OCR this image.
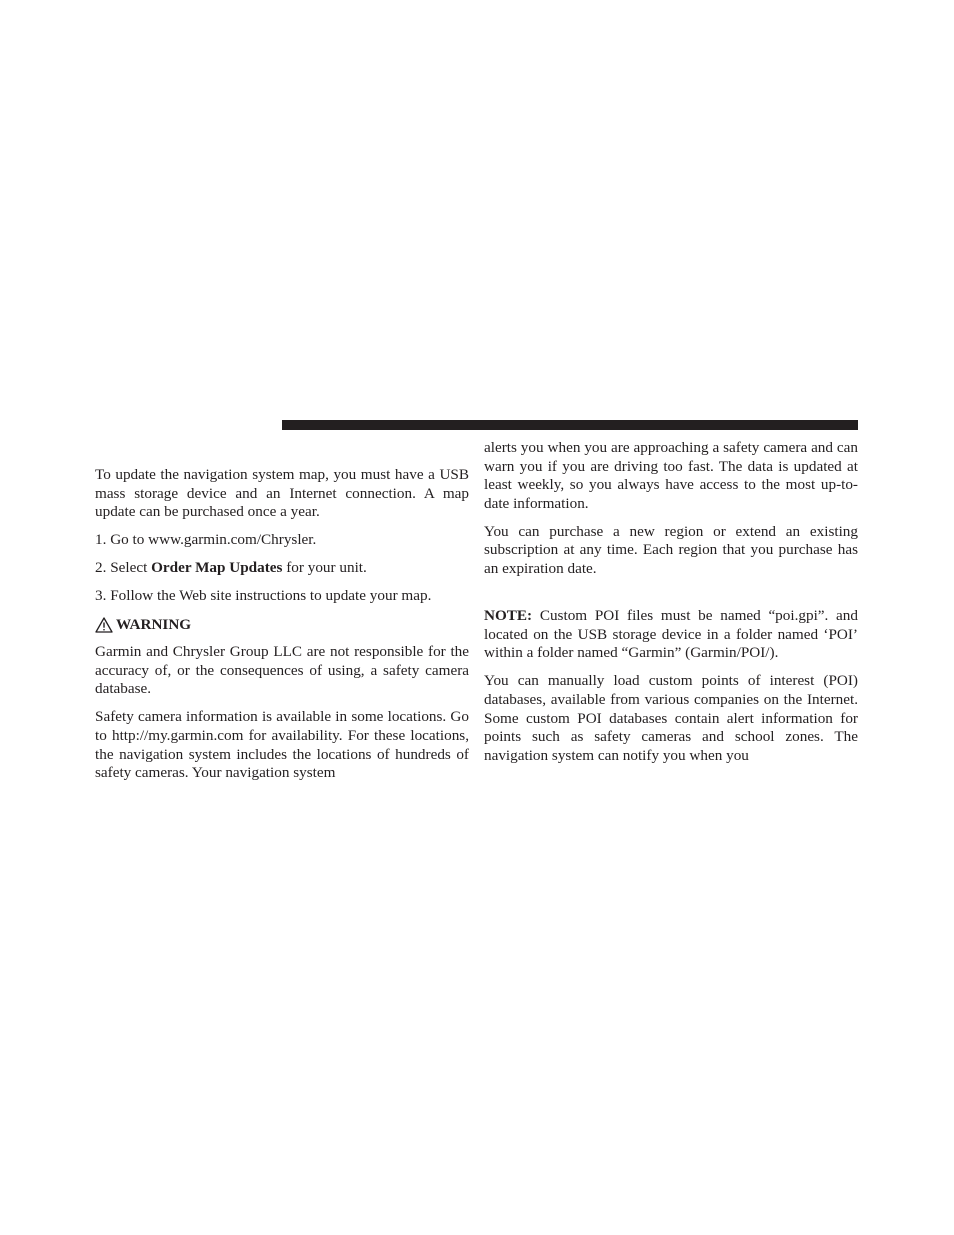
To update the navigation system map, you must have a USB mass storage device and an Internet connection. A map update can be purchased once a year.

1. Go to www.garmin.com/Chrysler.

2. Select Order Map Updates for your unit.

3. Follow the Web site instructions to update your map.

WARNING

Garmin and Chrysler Group LLC are not responsible for the accuracy of, or the consequences of using, a safety camera database.

Safety camera information is available in some locations. Go to http://my.garmin.com for availability. For these locations, the navigation system includes the locations of hundreds of safety cameras. Your navigation system

alerts you when you are approaching a safety camera and can warn you if you are driving too fast. The data is updated at least weekly, so you always have access to the most up-to-date information.

You can purchase a new region or extend an existing subscription at any time. Each region that you purchase has an expiration date.

NOTE: Custom POI files must be named “poi.gpi”. and located on the USB storage device in a folder named ‘POI’ within a folder named “Garmin” (Garmin/POI/).

You can manually load custom points of interest (POI) databases, available from various companies on the Internet. Some custom POI databases contain alert information for points such as safety cameras and school zones. The navigation system can notify you when you
